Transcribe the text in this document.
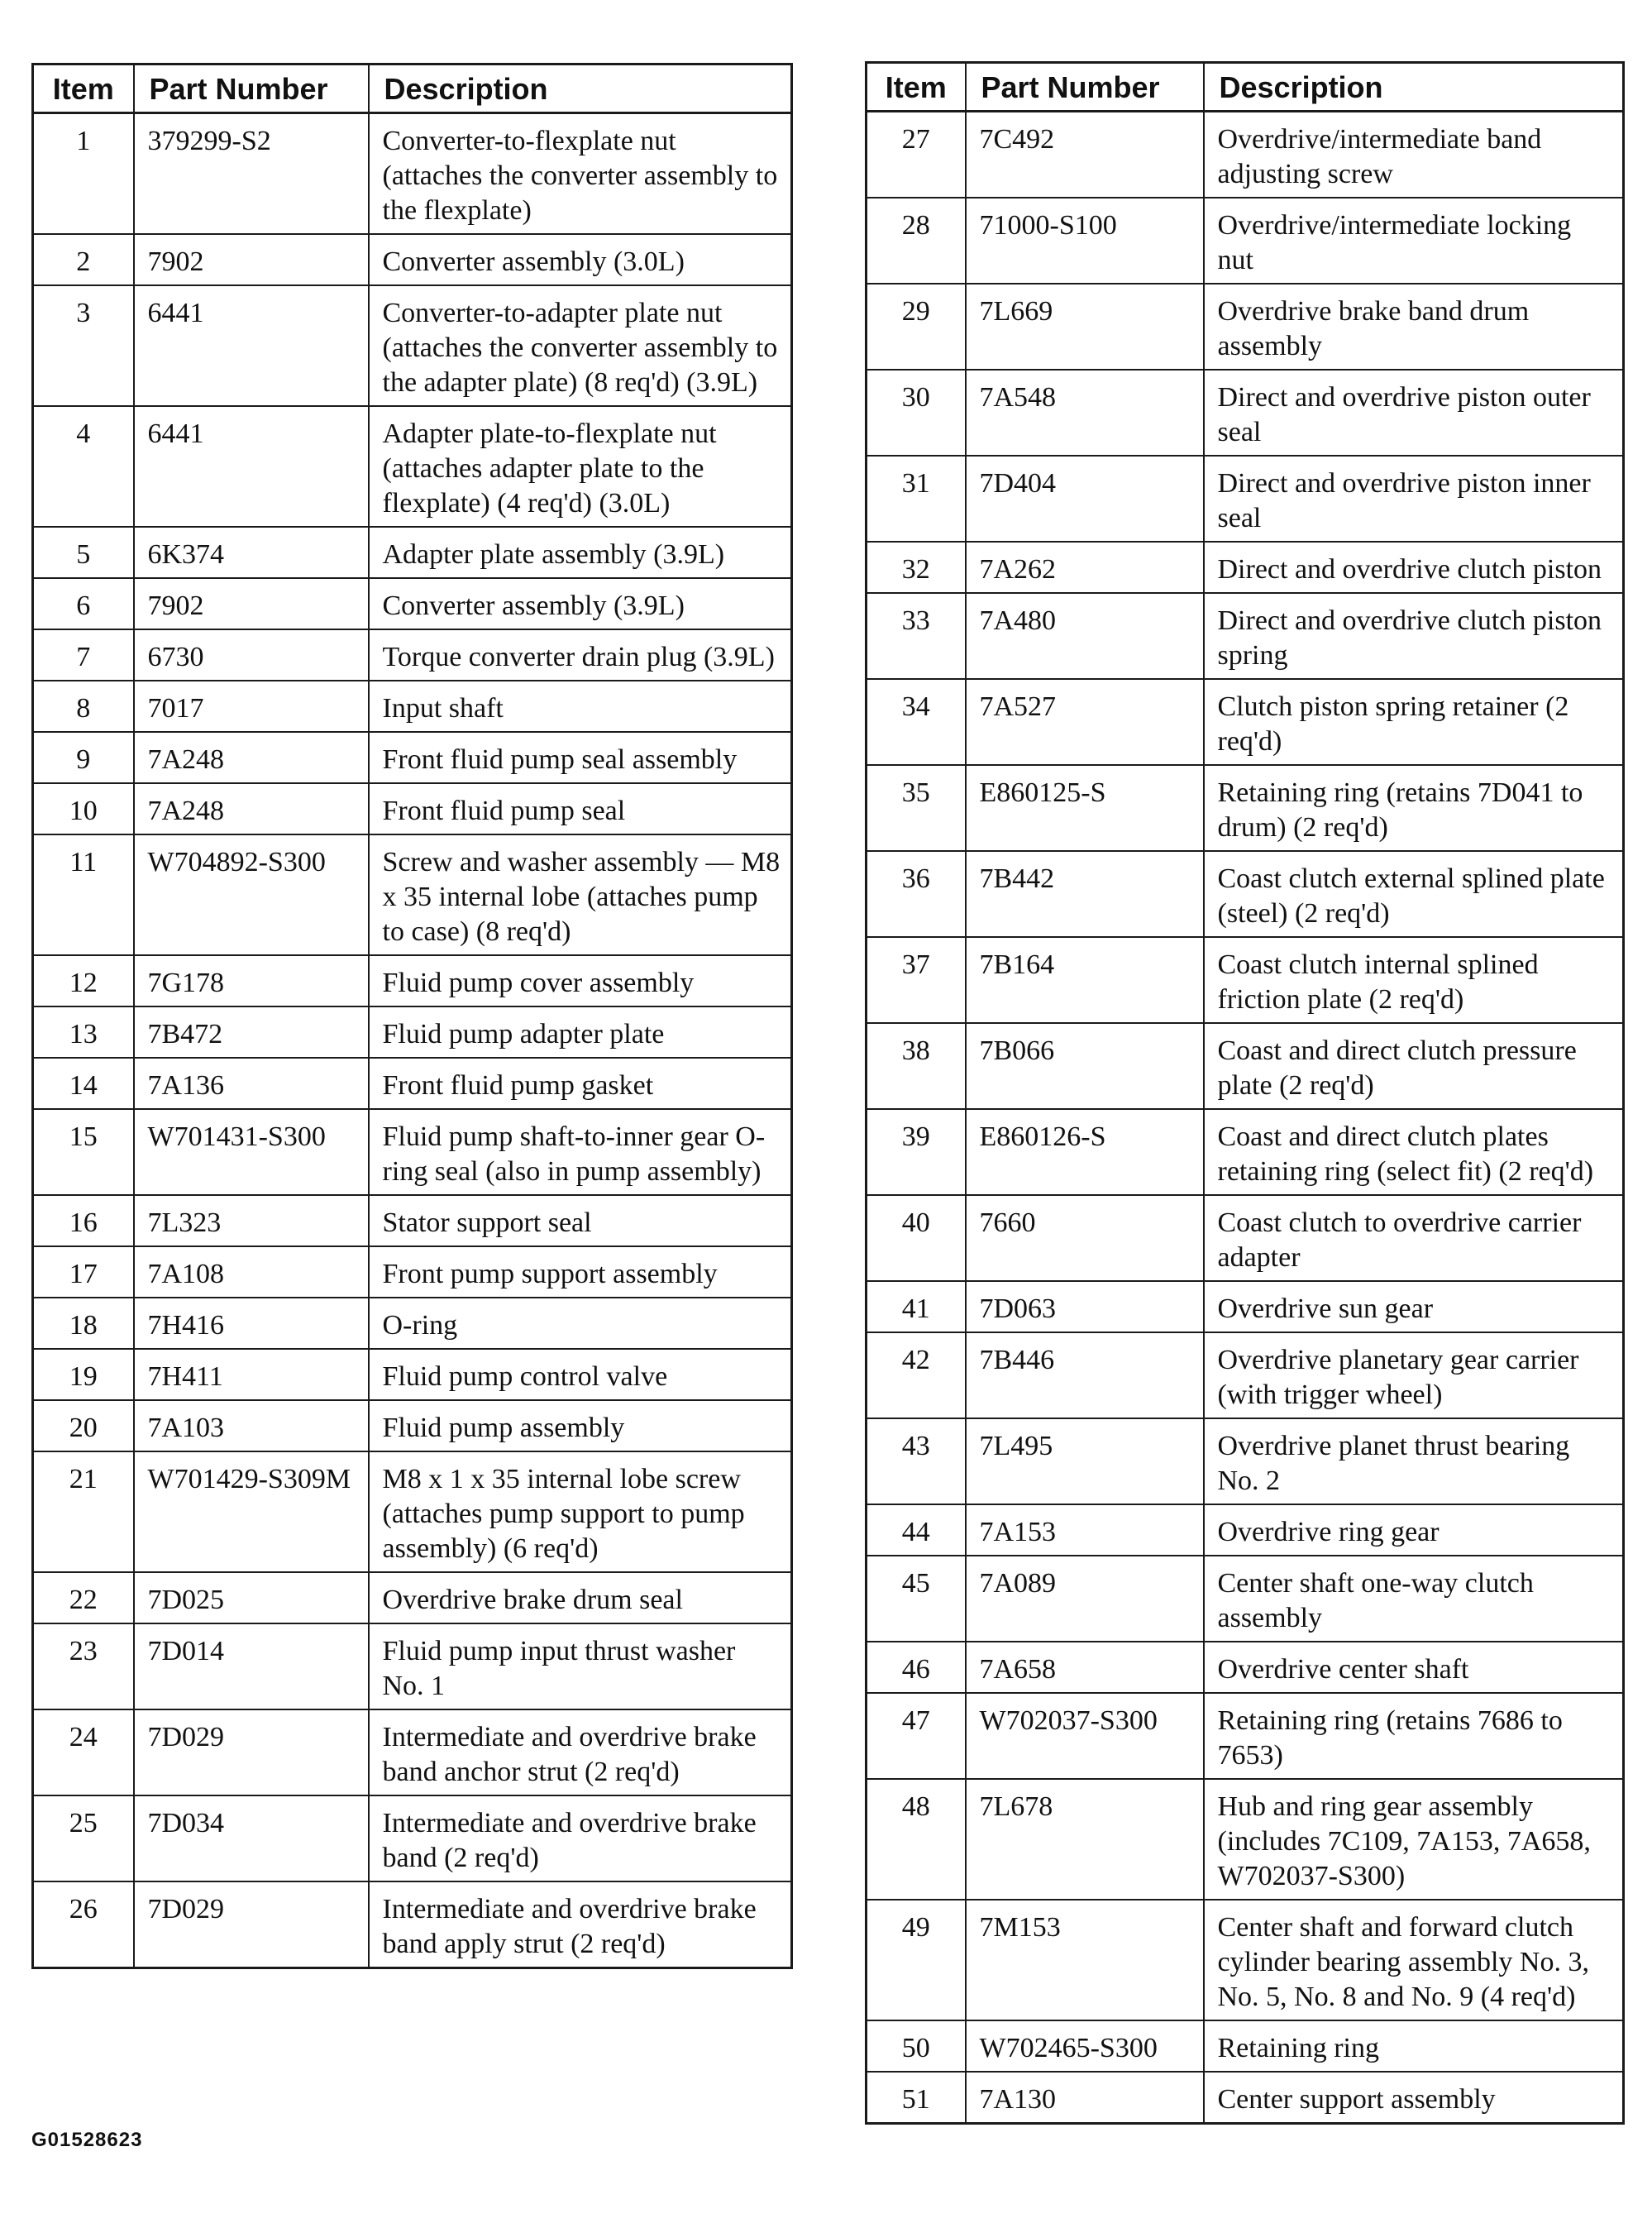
Item	Part Number	Description
1	379299-S2	Converter-to-flexplate nut (attaches the converter assembly to the flexplate)
2	7902	Converter assembly (3.0L)
3	6441	Converter-to-adapter plate nut (attaches the converter assembly to the adapter plate) (8 req'd) (3.9L)
4	6441	Adapter plate-to-flexplate nut (attaches adapter plate to the flexplate) (4 req'd) (3.0L)
5	6K374	Adapter plate assembly (3.9L)
6	7902	Converter assembly (3.9L)
7	6730	Torque converter drain plug (3.9L)
8	7017	Input shaft
9	7A248	Front fluid pump seal assembly
10	7A248	Front fluid pump seal
11	W704892-S300	Screw and washer assembly — M8 x 35 internal lobe (attaches pump to case) (8 req'd)
12	7G178	Fluid pump cover assembly
13	7B472	Fluid pump adapter plate
14	7A136	Front fluid pump gasket
15	W701431-S300	Fluid pump shaft-to-inner gear O-ring seal (also in pump assembly)
16	7L323	Stator support seal
17	7A108	Front pump support assembly
18	7H416	O-ring
19	7H411	Fluid pump control valve
20	7A103	Fluid pump assembly
21	W701429-S309M	M8 x 1 x 35 internal lobe screw (attaches pump support to pump assembly) (6 req'd)
22	7D025	Overdrive brake drum seal
23	7D014	Fluid pump input thrust washer No. 1
24	7D029	Intermediate and overdrive brake band anchor strut (2 req'd)
25	7D034	Intermediate and overdrive brake band (2 req'd)
26	7D029	Intermediate and overdrive brake band apply strut (2 req'd)
Item	Part Number	Description
27	7C492	Overdrive/intermediate band adjusting screw
28	71000-S100	Overdrive/intermediate locking nut
29	7L669	Overdrive brake band drum assembly
30	7A548	Direct and overdrive piston outer seal
31	7D404	Direct and overdrive piston inner seal
32	7A262	Direct and overdrive clutch piston
33	7A480	Direct and overdrive clutch piston spring
34	7A527	Clutch piston spring retainer (2 req'd)
35	E860125-S	Retaining ring (retains 7D041 to drum) (2 req'd)
36	7B442	Coast clutch external splined plate (steel) (2 req'd)
37	7B164	Coast clutch internal splined friction plate (2 req'd)
38	7B066	Coast and direct clutch pressure plate (2 req'd)
39	E860126-S	Coast and direct clutch plates retaining ring (select fit) (2 req'd)
40	7660	Coast clutch to overdrive carrier adapter
41	7D063	Overdrive sun gear
42	7B446	Overdrive planetary gear carrier (with trigger wheel)
43	7L495	Overdrive planet thrust bearing No. 2
44	7A153	Overdrive ring gear
45	7A089	Center shaft one-way clutch assembly
46	7A658	Overdrive center shaft
47	W702037-S300	Retaining ring (retains 7686 to 7653)
48	7L678	Hub and ring gear assembly (includes 7C109, 7A153, 7A658, W702037-S300)
49	7M153	Center shaft and forward clutch cylinder bearing assembly No. 3, No. 5, No. 8 and No. 9 (4 req'd)
50	W702465-S300	Retaining ring
51	7A130	Center support assembly
G01528623
